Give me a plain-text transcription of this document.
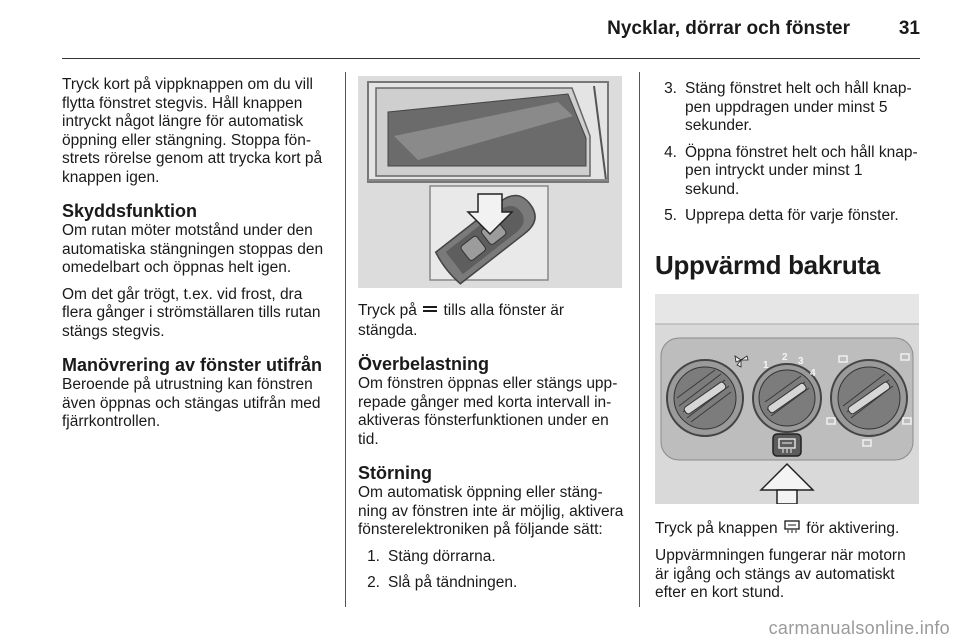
Nycklar, dörrar och fönster	31

Tryck kort på vippknappen om du vill flytta fönstret stegvis. Håll knappen intryckt något längre för automatisk öppning eller stängning. Stoppa fönstrets rörelse genom att trycka kort på knappen igen.

Skyddsfunktion

Om rutan möter motstånd under den automatiska stängningen stoppas den omedelbart och öppnas helt igen.

Om det går trögt, t.ex. vid frost, dra flera gånger i strömställaren tills rutan stängs stegvis.

Manövrering av fönster utifrån

Beroende på utrustning kan fönstren även öppnas och stängas utifrån med fjärrkontrollen.

Tryck på tills alla fönster är stängda.

Överbelastning

Om fönstren öppnas eller stängs upprepade gånger med korta intervall inaktiveras fönsterfunktionen under en tid.

Störning

Om automatisk öppning eller stängning av fönstren inte är möjlig, aktivera fönsterelektroniken på följande sätt:

1. Stäng dörrarna.
2. Slå på tändningen.
3. Stäng fönstret helt och håll knappen uppdragen under minst 5 sekunder.
4. Öppna fönstret helt och håll knappen intryckt under minst 1 sekund.
5. Upprepa detta för varje fönster.
Uppvärmd bakruta
1
2 3
4

Tryck på knappen för aktivering.

Uppvärmningen fungerar när motorn är igång och stängs av automatiskt efter en kort stund.

carmanualsonline.info
